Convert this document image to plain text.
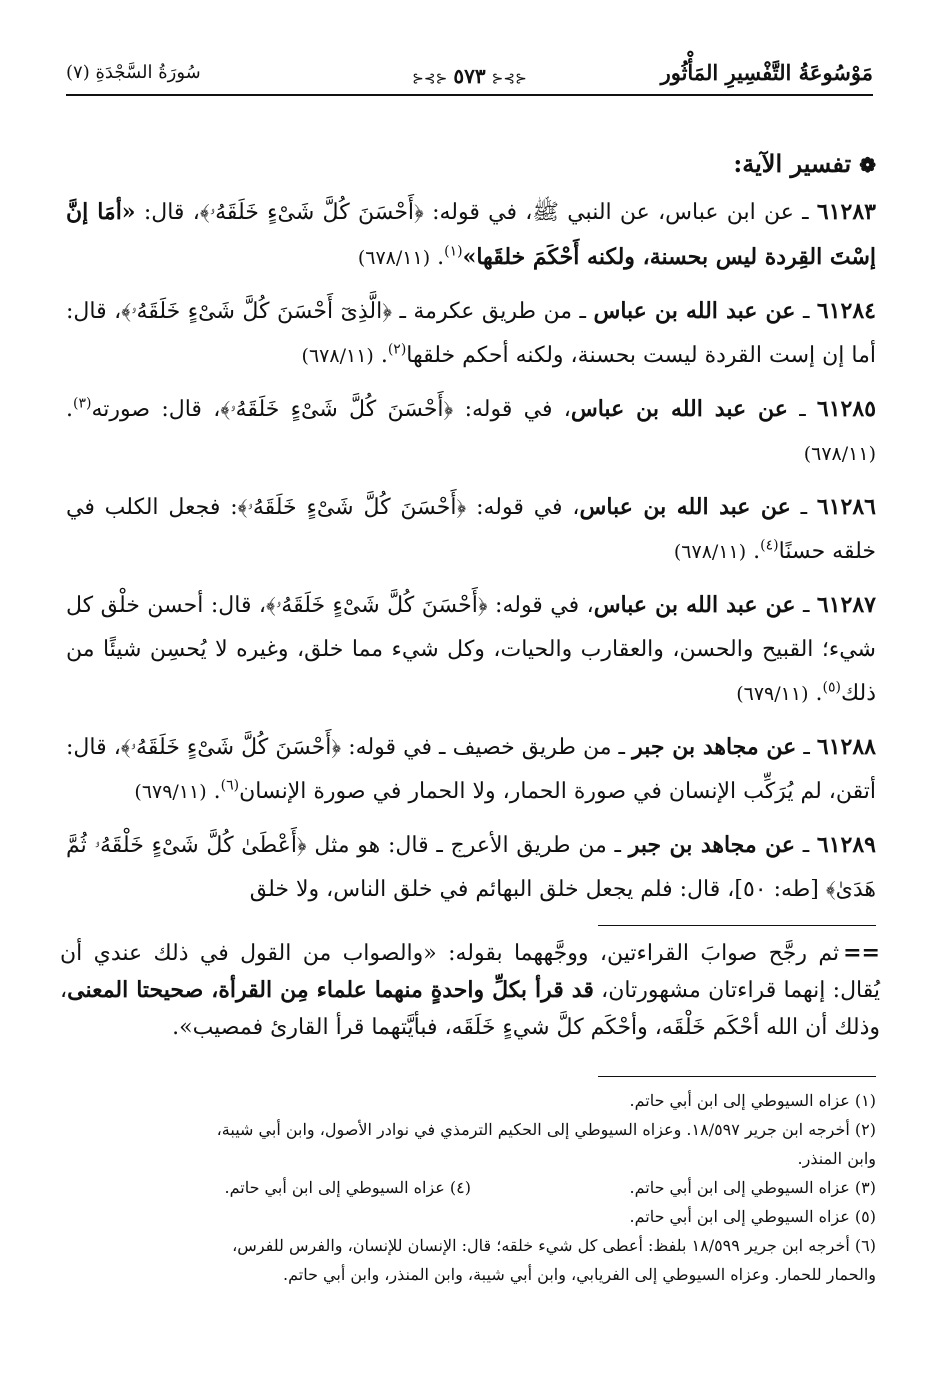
مَوْسُوعَةُ التَّفْسِيرِ المَأْثُور
⊰⊱⊰٥٧٣⊰⊱⊰
سُورَةُ السَّجْدَةِ (٧)
❁تفسير الآية:
٦١٢٨٣ ـ عن ابن عباس، عن النبي ﷺ، في قوله: ﴿أَحْسَنَ كُلَّ شَىْءٍ خَلَقَهُۥ﴾، قال: «أمَا إنَّ إسْتَ القِردة ليس بحسنة، ولكنه أَحْكَمَ خلقَها»$^{(١)}$. (٦٧٨/١١)
٦١٢٨٤ ـ عن عبد الله بن عباس ـ من طريق عكرمة ـ ﴿الَّذِىٓ أَحْسَنَ كُلَّ شَىْءٍ خَلَقَهُۥ﴾، قال: أما إن إست القردة ليست بحسنة، ولكنه أحكم خلقها$^{(٢)}$. (٦٧٨/١١)
٦١٢٨٥ ـ عن عبد الله بن عباس، في قوله: ﴿أَحْسَنَ كُلَّ شَىْءٍ خَلَقَهُۥ﴾، قال: صورته$^{(٣)}$. (٦٧٨/١١)
٦١٢٨٦ ـ عن عبد الله بن عباس، في قوله: ﴿أَحْسَنَ كُلَّ شَىْءٍ خَلَقَهُۥ﴾: فجعل الكلب في خلقه حسنًا$^{(٤)}$. (٦٧٨/١١)
٦١٢٨٧ ـ عن عبد الله بن عباس، في قوله: ﴿أَحْسَنَ كُلَّ شَىْءٍ خَلَقَهُۥ﴾، قال: أحسن خلْق كل شيء؛ القبيح والحسن، والعقارب والحيات، وكل شيء مما خلق، وغيره لا يُحسِن شيئًا من ذلك$^{(٥)}$. (٦٧٩/١١)
٦١٢٨٨ ـ عن مجاهد بن جبر ـ من طريق خصيف ـ في قوله: ﴿أَحْسَنَ كُلَّ شَىْءٍ خَلَقَهُۥ﴾، قال: أتقن، لم يُرَكِّب الإنسان في صورة الحمار، ولا الحمار في صورة الإنسان$^{(٦)}$. (٦٧٩/١١)
٦١٢٨٩ ـ عن مجاهد بن جبر ـ من طريق الأعرج ـ قال: هو مثل ﴿أَعْطَىٰ كُلَّ شَىْءٍ خَلْقَهُۥ ثُمَّ هَدَىٰ﴾ [طه: ٥٠]، قال: فلم يجعل خلق البهائم في خلق الناس، ولا خلق
==ثم رجَّح صوابَ القراءتين، ووجَّههما بقوله: «والصواب من القول في ذلك عندي أن يُقال: إنهما قراءتان مشهورتان، قد قرأ بكلِّ واحدةٍ منهما علماء مِن القرأة، صحيحتا المعنى، وذلك أن الله أحْكَم خَلْقَه، وأحْكَم كلَّ شيءٍ خَلَقَه، فبأيَّتهما قرأ القارئ فمصيب».
(١) عزاه السيوطي إلى ابن أبي حاتم.
(٢) أخرجه ابن جرير ١٨/٥٩٧. وعزاه السيوطي إلى الحكيم الترمذي في نوادر الأصول، وابن أبي شيبة،
وابن المنذر.
(٣) عزاه السيوطي إلى ابن أبي حاتم.
(٤) عزاه السيوطي إلى ابن أبي حاتم.
(٥) عزاه السيوطي إلى ابن أبي حاتم.
(٦) أخرجه ابن جرير ١٨/٥٩٩ بلفظ: أعطى كل شيء خلقه؛ قال: الإنسان للإنسان، والفرس للفرس،
والحمار للحمار. وعزاه السيوطي إلى الفريابي، وابن أبي شيبة، وابن المنذر، وابن أبي حاتم.
